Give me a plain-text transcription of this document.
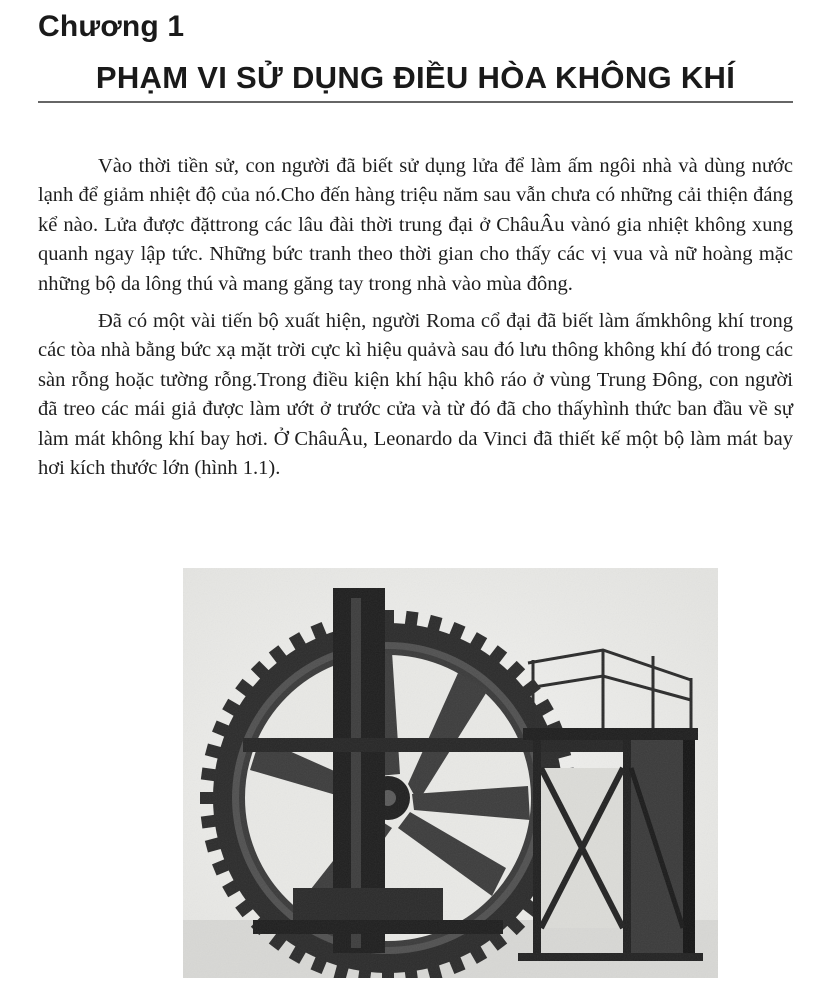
Chương 1
PHẠM VI SỬ DỤNG ĐIỀU HÒA KHÔNG KHÍ

Vào thời tiền sử, con người đã biết sử dụng lửa để làm ấm ngôi nhà và dùng nước lạnh để giảm nhiệt độ của nó.Cho đến hàng triệu năm sau vẫn chưa có những cải thiện đáng kể nào. Lửa được đặttrong các lâu đài thời trung đại ở ChâuÂu vànó gia nhiệt không xung quanh ngay lập tức. Những bức tranh theo thời gian cho thấy các vị vua và nữ hoàng mặc những bộ da lông thú và mang găng tay trong nhà vào mùa đông.

Đã có một vài tiến bộ xuất hiện, người Roma cổ đại đã biết làm ấmkhông khí trong các tòa nhà bằng bức xạ mặt trời cực kì hiệu quảvà sau đó lưu thông không khí đó trong các sàn rỗng hoặc tường rỗng.Trong điều kiện khí hậu khô ráo ở vùng Trung Đông, con người đã treo các mái giả được làm ướt ở trước cửa và từ đó đã cho thấyhình thức ban đầu về sự làm mát không khí bay hơi. Ở ChâuÂu, Leonardo da Vinci đã thiết kế một bộ làm mát bay hơi kích thước lớn (hình 1.1).
